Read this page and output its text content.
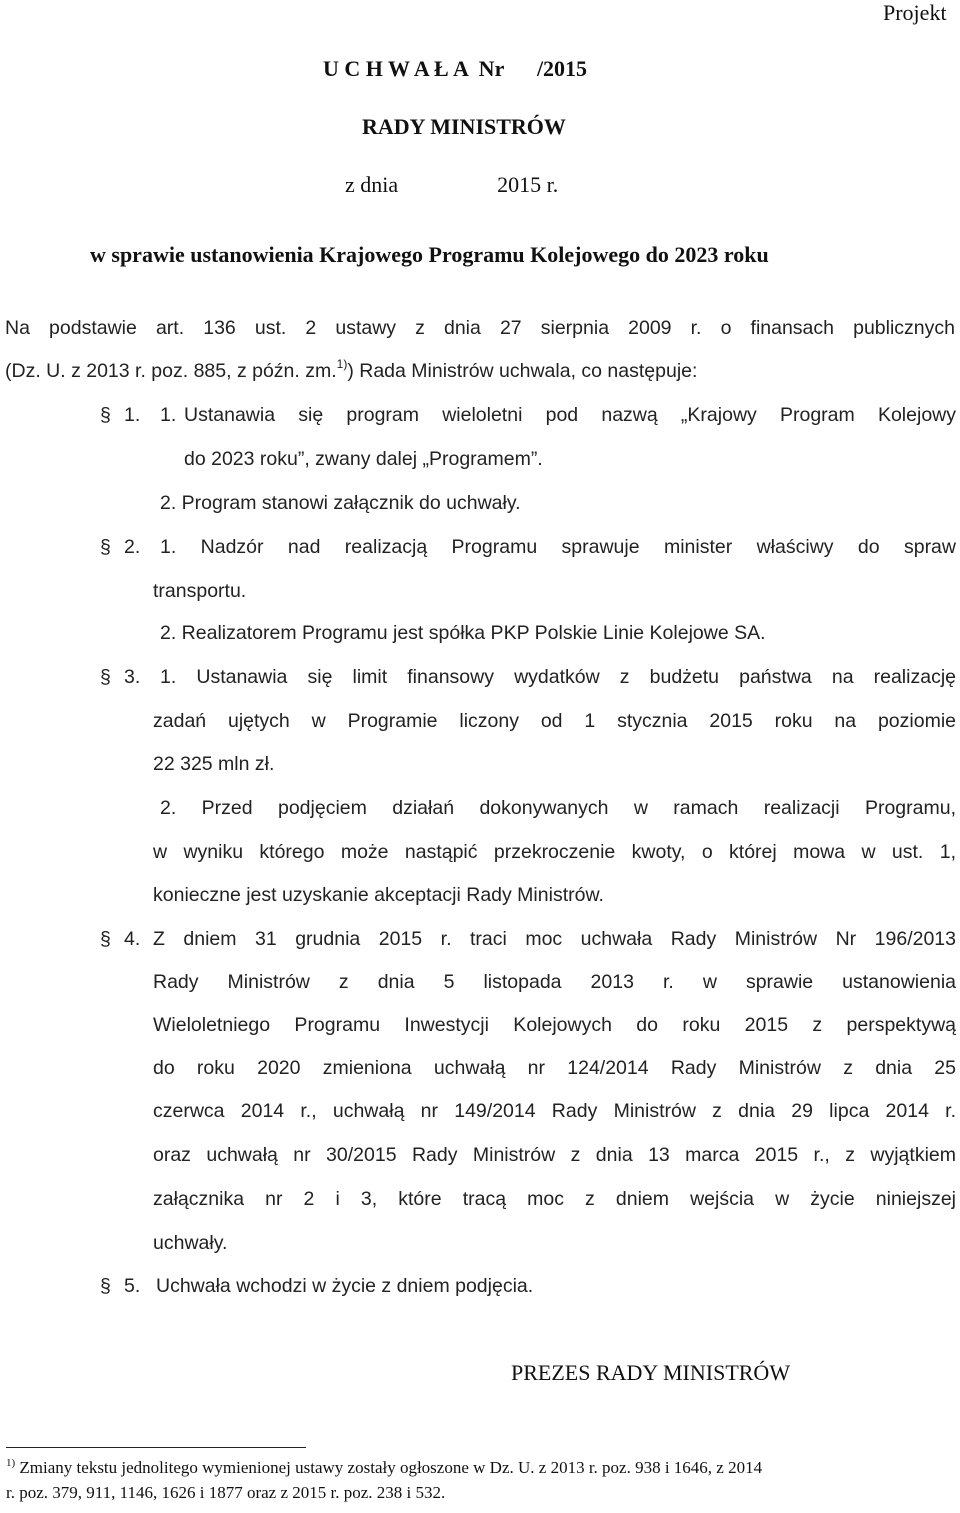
Projekt
U C H W A Ł A  Nr      /2015
RADY MINISTRÓW
z dnia                  2015 r.
w sprawie ustanowienia Krajowego Programu Kolejowego do 2023 roku
Na podstawie art. 136 ust. 2 ustawy z dnia 27 sierpnia 2009 r. o finansach publicznych
(Dz. U. z 2013 r. poz. 885, z późn. zm.$^{1)}$) Rada Ministrów uchwala, co następuje:
§ 1. 1. Ustanawia się program wieloletni pod nazwą „Krajowy Program Kolejowy
do 2023 roku”, zwany dalej „Programem”.
2. Program stanowi załącznik do uchwały.
§ 2. 1. Nadzór nad realizacją Programu sprawuje minister właściwy do spraw
transportu.
2. Realizatorem Programu jest spółka PKP Polskie Linie Kolejowe SA.
§ 3. 1. Ustanawia się limit finansowy wydatków z budżetu państwa na realizację
zadań ujętych w Programie liczony od 1 stycznia 2015 roku na poziomie
22 325 mln zł.
2. Przed podjęciem działań dokonywanych w ramach realizacji Programu,
w wyniku którego może nastąpić przekroczenie kwoty, o której mowa w ust. 1,
konieczne jest uzyskanie akceptacji Rady Ministrów.
§ 4. Z dniem 31 grudnia 2015 r. traci moc uchwała Rady Ministrów Nr 196/2013
Rady Ministrów z dnia 5 listopada 2013 r. w sprawie ustanowienia
Wieloletniego Programu Inwestycji Kolejowych do roku 2015 z perspektywą
do roku 2020 zmieniona uchwałą nr 124/2014 Rady Ministrów z dnia 25
czerwca 2014 r., uchwałą nr 149/2014 Rady Ministrów z dnia 29 lipca 2014 r.
oraz uchwałą nr 30/2015 Rady Ministrów z dnia 13 marca 2015 r., z wyjątkiem
załącznika nr 2 i 3, które tracą moc z dniem wejścia w życie niniejszej
uchwały.
§ 5. Uchwała wchodzi w życie z dniem podjęcia.
PREZES RADY MINISTRÓW
$^{1)}$ Zmiany tekstu jednolitego wymienionej ustawy zostały ogłoszone w Dz. U. z 2013 r. poz. 938 i 1646, z 2014
r. poz. 379, 911, 1146, 1626 i 1877 oraz z 2015 r. poz. 238 i 532.
